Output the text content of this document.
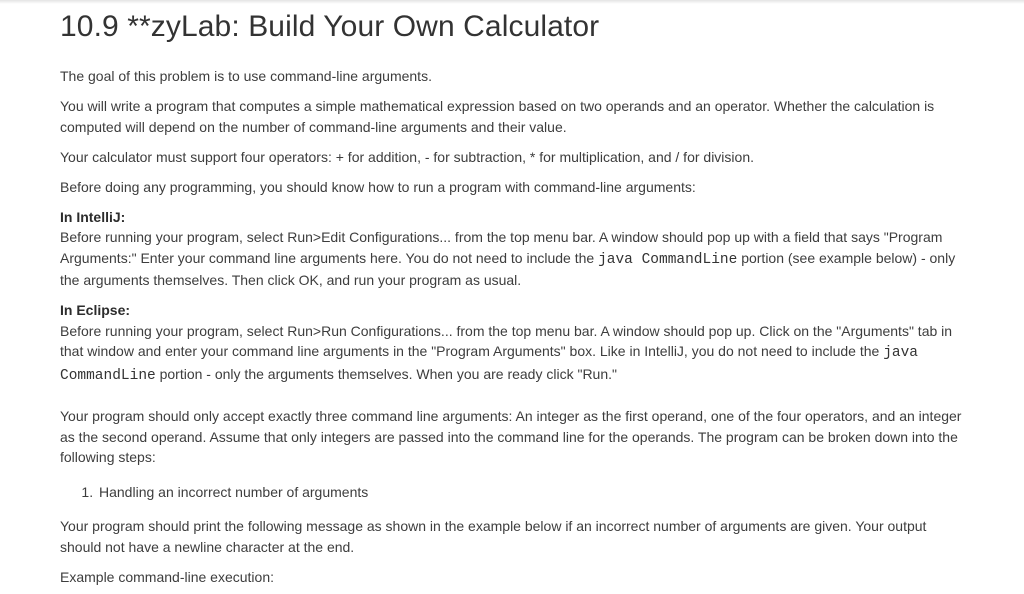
10.9 **zyLab: Build Your Own Calculator

The goal of this problem is to use command-line arguments.

You will write a program that computes a simple mathematical expression based on two operands and an operator. Whether the calculation is computed will depend on the number of command-line arguments and their value.

Your calculator must support four operators: + for addition, - for subtraction, * for multiplication, and / for division.

Before doing any programming, you should know how to run a program with command-line arguments:

In IntelliJ:
Before running your program, select Run>Edit Configurations... from the top menu bar. A window should pop up with a field that says "Program Arguments:" Enter your command line arguments here. You do not need to include the java CommandLine portion (see example below) - only the arguments themselves. Then click OK, and run your program as usual.

In Eclipse:
Before running your program, select Run>Run Configurations... from the top menu bar. A window should pop up. Click on the "Arguments" tab in that window and enter your command line arguments in the "Program Arguments" box. Like in IntelliJ, you do not need to include the java CommandLine portion - only the arguments themselves. When you are ready click "Run."

Your program should only accept exactly three command line arguments: An integer as the first operand, one of the four operators, and an integer as the second operand. Assume that only integers are passed into the command line for the operands. The program can be broken down into the following steps:

1. Handling an incorrect number of arguments

Your program should print the following message as shown in the example below if an incorrect number of arguments are given. Your output should not have a newline character at the end.

Example command-line execution:
